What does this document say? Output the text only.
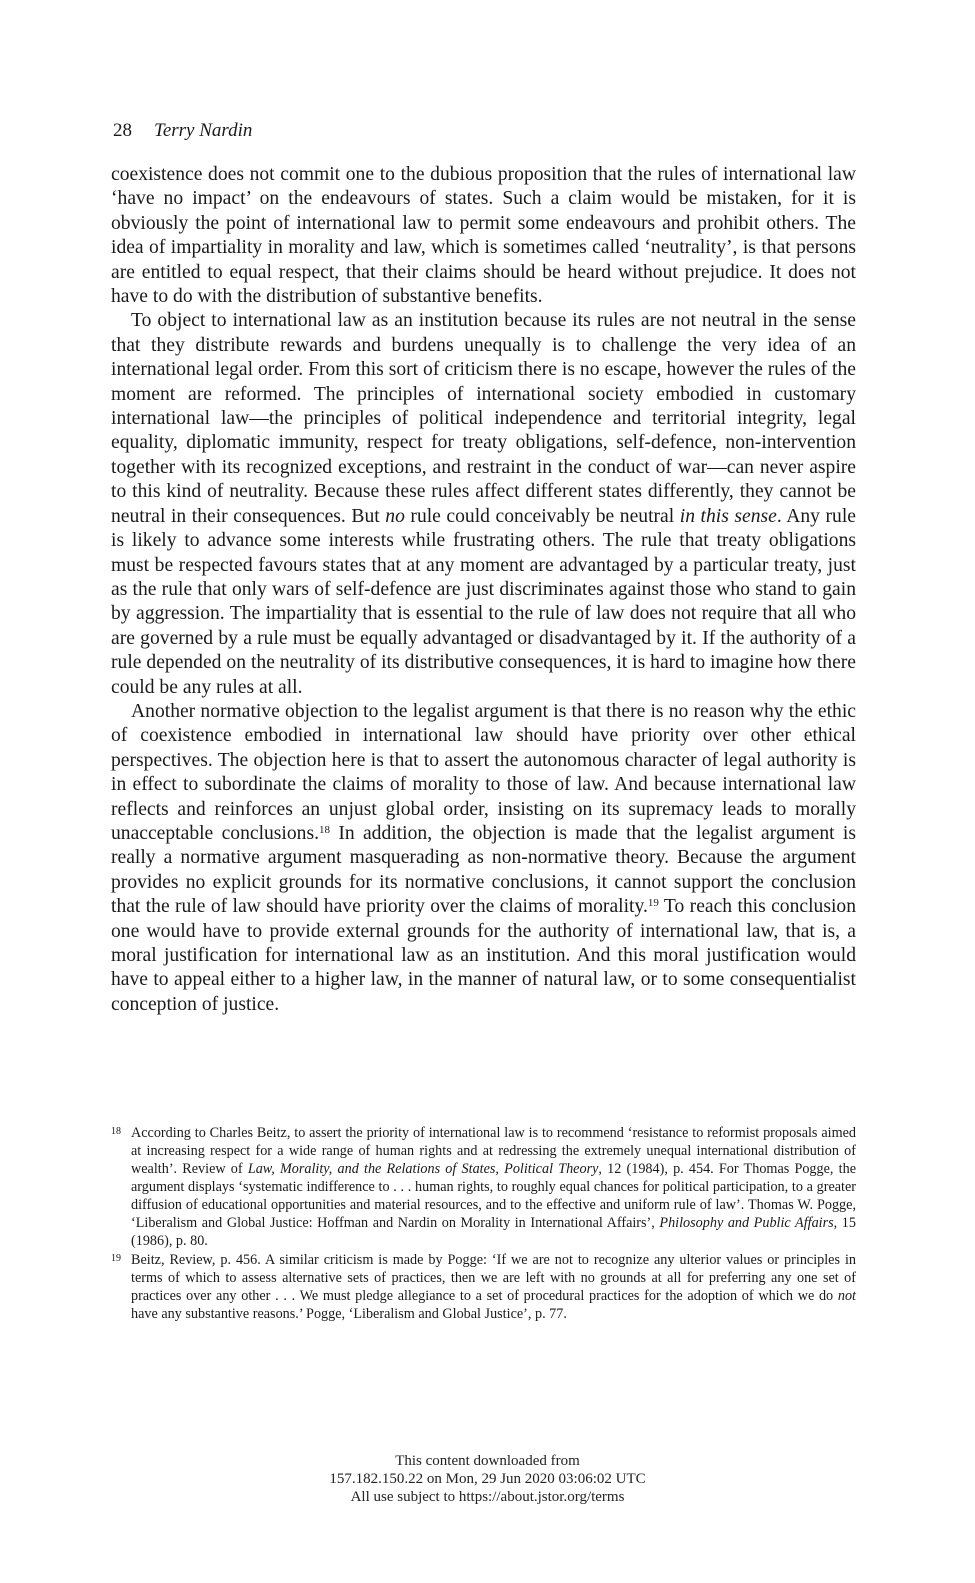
28 Terry Nardin

coexistence does not commit one to the dubious proposition that the rules of international law ‘have no impact’ on the endeavours of states. Such a claim would be mistaken, for it is obviously the point of international law to permit some endeavours and prohibit others. The idea of impartiality in morality and law, which is sometimes called ‘neutrality’, is that persons are entitled to equal respect, that their claims should be heard without prejudice. It does not have to do with the distribution of substantive benefits.

To object to international law as an institution because its rules are not neutral in the sense that they distribute rewards and burdens unequally is to challenge the very idea of an international legal order. From this sort of criticism there is no escape, however the rules of the moment are reformed. The principles of international society embodied in customary international law—the principles of political independence and territorial integrity, legal equality, diplomatic immunity, respect for treaty obligations, self-defence, non-intervention together with its recognized exceptions, and restraint in the conduct of war—can never aspire to this kind of neutrality. Because these rules affect different states differently, they cannot be neutral in their consequences. But no rule could conceivably be neutral in this sense. Any rule is likely to advance some interests while frustrating others. The rule that treaty obligations must be respected favours states that at any moment are advantaged by a particular treaty, just as the rule that only wars of self-defence are just discriminates against those who stand to gain by aggression. The impartiality that is essential to the rule of law does not require that all who are governed by a rule must be equally advantaged or disadvantaged by it. If the authority of a rule depended on the neutrality of its distributive consequences, it is hard to imagine how there could be any rules at all.

Another normative objection to the legalist argument is that there is no reason why the ethic of coexistence embodied in international law should have priority over other ethical perspectives. The objection here is that to assert the autonomous character of legal authority is in effect to subordinate the claims of morality to those of law. And because international law reflects and reinforces an unjust global order, insisting on its supremacy leads to morally unacceptable conclusions.$^{18}$ In addition, the objection is made that the legalist argument is really a normative argument masquerading as non-normative theory. Because the argument provides no explicit grounds for its normative conclusions, it cannot support the conclusion that the rule of law should have priority over the claims of morality.$^{19}$ To reach this conclusion one would have to provide external grounds for the authority of international law, that is, a moral justification for international law as an institution. And this moral justification would have to appeal either to a higher law, in the manner of natural law, or to some consequentialist conception of justice.

18 According to Charles Beitz, to assert the priority of international law is to recommend ‘resistance to reformist proposals aimed at increasing respect for a wide range of human rights and at redressing the extremely unequal international distribution of wealth’. Review of Law, Morality, and the Relations of States, Political Theory, 12 (1984), p. 454. For Thomas Pogge, the argument displays ‘systematic indifference to . . . human rights, to roughly equal chances for political participation, to a greater diffusion of educational opportunities and material resources, and to the effective and uniform rule of law’. Thomas W. Pogge, ‘Liberalism and Global Justice: Hoffman and Nardin on Morality in International Affairs’, Philosophy and Public Affairs, 15 (1986), p. 80.

19 Beitz, Review, p. 456. A similar criticism is made by Pogge: ‘If we are not to recognize any ulterior values or principles in terms of which to assess alternative sets of practices, then we are left with no grounds at all for preferring any one set of practices over any other . . . We must pledge allegiance to a set of procedural practices for the adoption of which we do not have any substantive reasons.’ Pogge, ‘Liberalism and Global Justice’, p. 77.

This content downloaded from
157.182.150.22 on Mon, 29 Jun 2020 03:06:02 UTC
All use subject to https://about.jstor.org/terms
